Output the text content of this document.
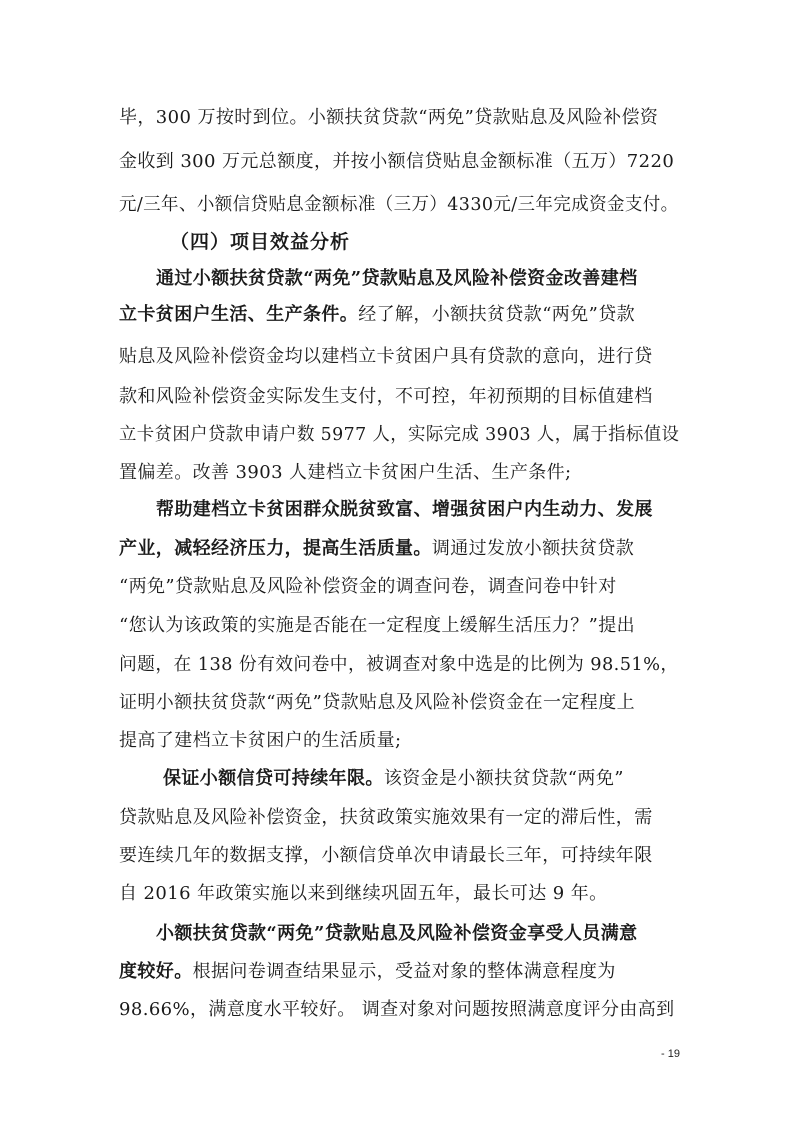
毕，300 万按时到位。小额扶贫贷款“两免”贷款贴息及风险补偿资
金收到 300 万元总额度，并按小额信贷贴息金额标准（五万）7220
元/三年、小额信贷贴息金额标准（三万）4330元/三年完成资金支付。
（四）项目效益分析
通过小额扶贫贷款“两免”贷款贴息及风险补偿资金改善建档
立卡贫困户生活、生产条件。经了解，小额扶贫贷款“两免”贷款
贴息及风险补偿资金均以建档立卡贫困户具有贷款的意向，进行贷
款和风险补偿资金实际发生支付，不可控，年初预期的目标值建档
立卡贫困户贷款申请户数 5977 人，实际完成 3903 人，属于指标值设
置偏差。改善 3903 人建档立卡贫困户生活、生产条件;
帮助建档立卡贫困群众脱贫致富、增强贫困户内生动力、发展
产业，减轻经济压力，提高生活质量。调通过发放小额扶贫贷款
“两免”贷款贴息及风险补偿资金的调查问卷，调查问卷中针对
“您认为该政策的实施是否能在一定程度上缓解生活压力？”提出
问题，在 138 份有效问卷中，被调查对象中选是的比例为 98.51%，
证明小额扶贫贷款“两免”贷款贴息及风险补偿资金在一定程度上
提高了建档立卡贫困户的生活质量;
保证小额信贷可持续年限。该资金是小额扶贫贷款“两免”
贷款贴息及风险补偿资金，扶贫政策实施效果有一定的滞后性，需
要连续几年的数据支撑，小额信贷单次申请最长三年，可持续年限
自 2016 年政策实施以来到继续巩固五年，最长可达 9 年。
小额扶贫贷款“两免”贷款贴息及风险补偿资金享受人员满意
度较好。根据问卷调查结果显示，受益对象的整体满意程度为
98.66%，满意度水平较好。 调查对象对问题按照满意度评分由高到
- 19
